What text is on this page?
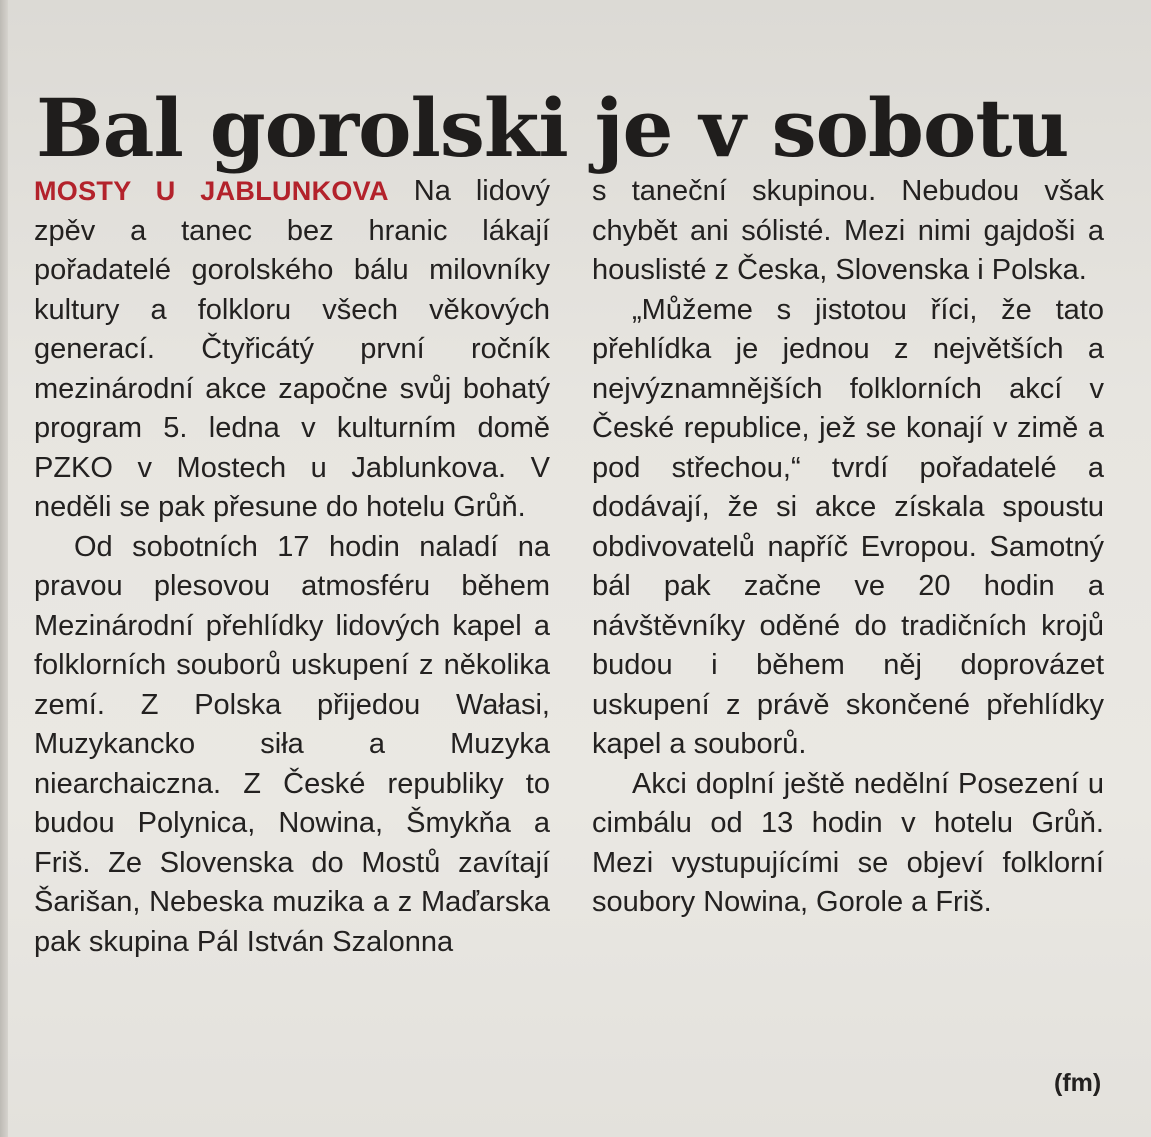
Bal gorolski je v sobotu

MOSTY U JABLUNKOVA Na lidový zpěv a tanec bez hranic lákají pořadatelé gorolského bálu milovníky kultury a folkloru všech věkových generací. Čtyřicátý první ročník mezinárodní akce započne svůj bohatý program 5. ledna v kulturním domě PZKO v Mostech u Jablunkova. V neděli se pak přesune do hotelu Grůň.

Od sobotních 17 hodin naladí na pravou plesovou atmosféru během Mezinárodní přehlídky lidových kapel a folklorních souborů uskupení z několika zemí. Z Polska přijedou Wałasi, Muzykancko siła a Muzyka niearchaiczna. Z České republiky to budou Polynica, Nowina, Šmykňa a Friš. Ze Slovenska do Mostů zavítají Šarišan, Nebeska muzika a z Maďarska pak skupina Pál István Szalonna

s taneční skupinou. Nebudou však chybět ani sólisté. Mezi nimi gajdoši a houslisté z Česka, Slovenska i Polska.

„Můžeme s jistotou říci, že tato přehlídka je jednou z největších a nejvýznamnějších folklorních akcí v České republice, jež se konají v zimě a pod střechou,“ tvrdí pořadatelé a dodávají, že si akce získala spoustu obdivovatelů napříč Evropou. Samotný bál pak začne ve 20 hodin a návštěvníky oděné do tradičních krojů budou i během něj doprovázet uskupení z právě skončené přehlídky kapel a souborů.

Akci doplní ještě nedělní Posezení u cimbálu od 13 hodin v hotelu Grůň. Mezi vystupujícími se objeví folklorní soubory Nowina, Gorole a Friš.

(fm)
